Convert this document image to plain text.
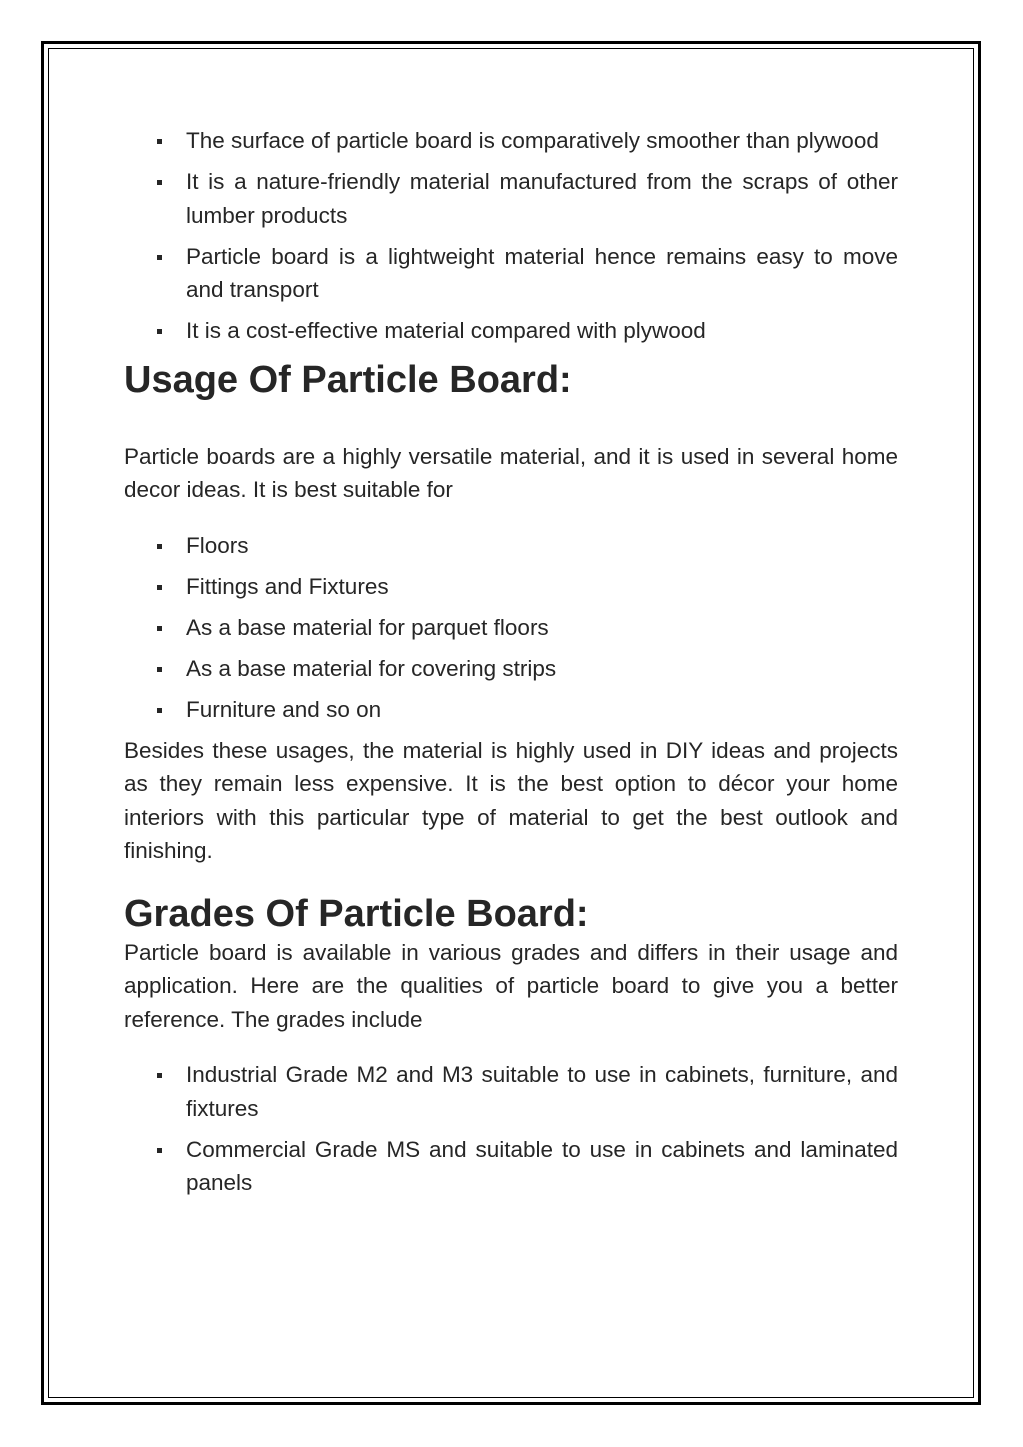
The surface of particle board is comparatively smoother than plywood
It is a nature-friendly material manufactured from the scraps of other lumber products
Particle board is a lightweight material hence remains easy to move and transport
It is a cost-effective material compared with plywood
Usage Of Particle Board:

Particle boards are a highly versatile material, and it is used in several home decor ideas. It is best suitable for

Floors
Fittings and Fixtures
As a base material for parquet floors
As a base material for covering strips
Furniture and so on

Besides these usages, the material is highly used in DIY ideas and projects as they remain less expensive. It is the best option to décor your home interiors with this particular type of material to get the best outlook and finishing.

Grades Of Particle Board:

Particle board is available in various grades and differs in their usage and application. Here are the qualities of particle board to give you a better reference. The grades include

Industrial Grade M2 and M3 suitable to use in cabinets, furniture, and fixtures
Commercial Grade MS and suitable to use in cabinets and laminated panels
